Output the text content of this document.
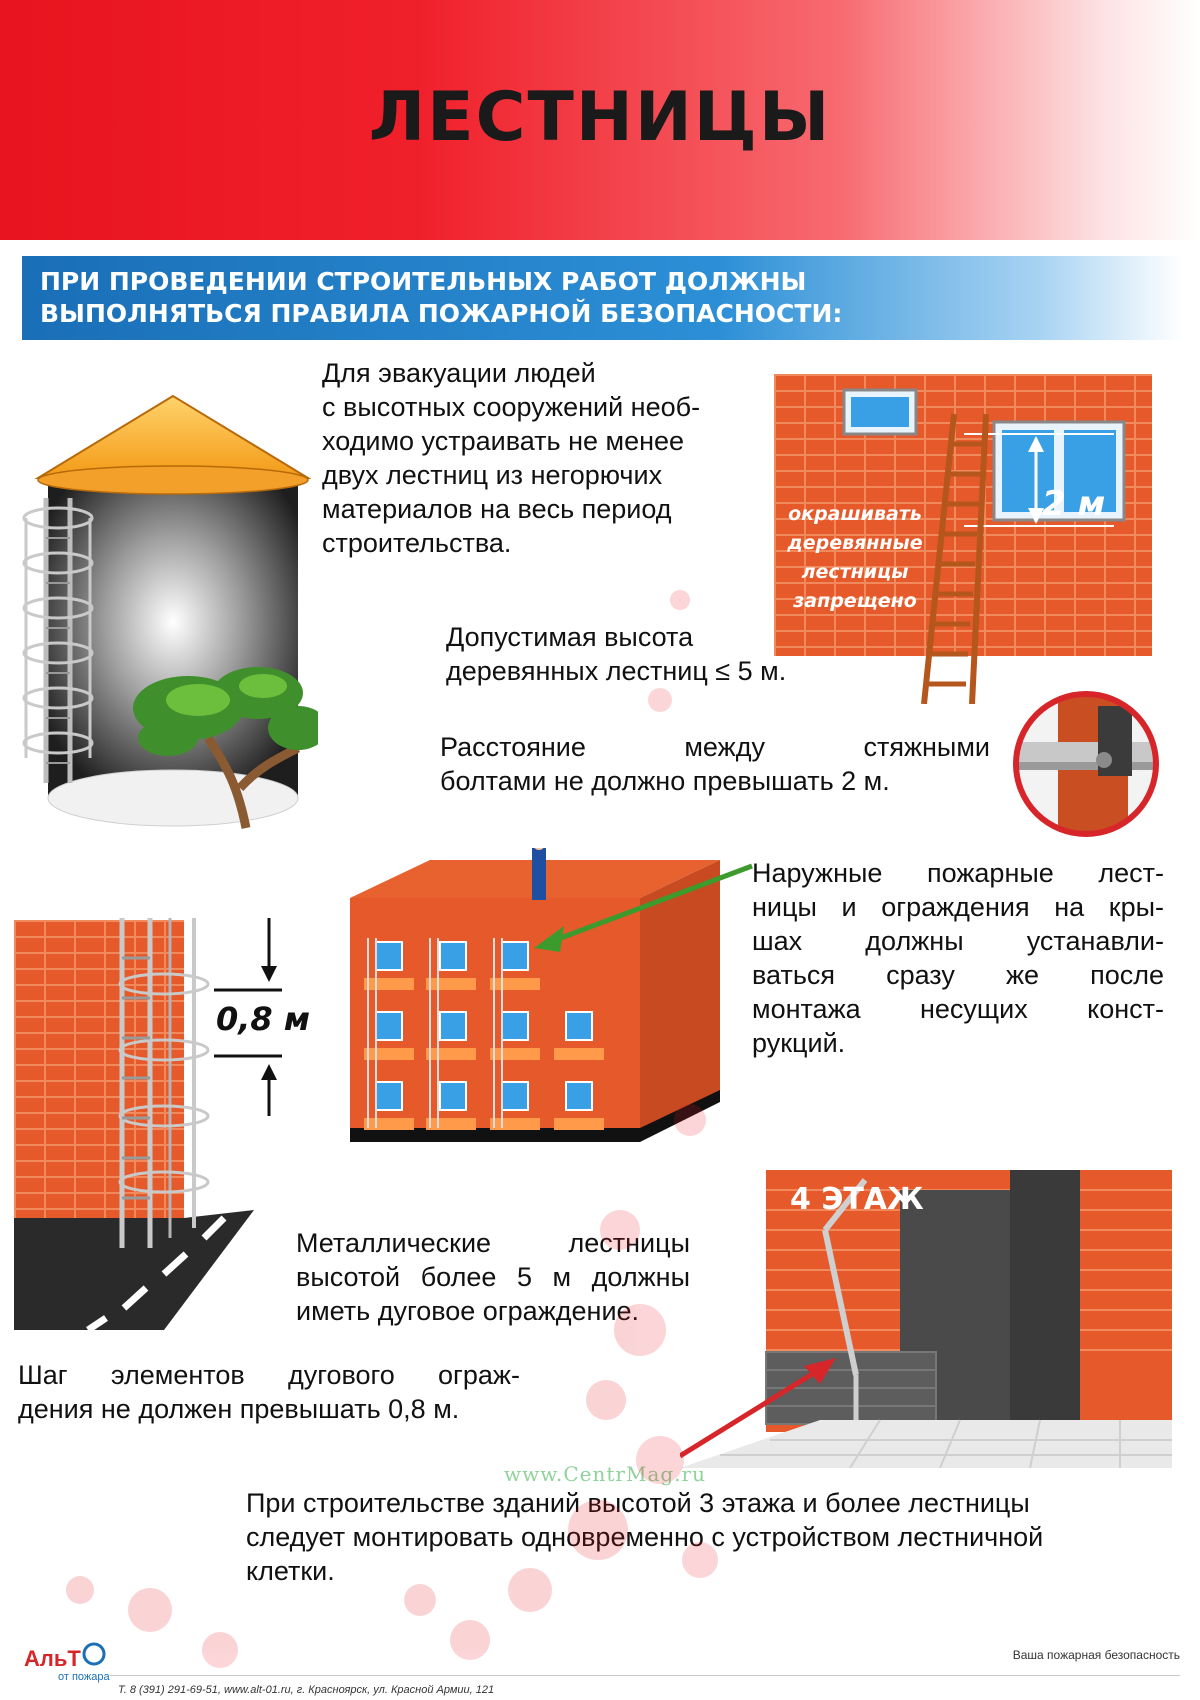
ЛЕСТНИЦЫ
ПРИ ПРОВЕДЕНИИ СТРОИТЕЛЬНЫХ РАБОТ ДОЛЖНЫ
ВЫПОЛНЯТЬСЯ ПРАВИЛА ПОЖАРНОЙ БЕЗОПАСНОСТИ:
Для эвакуации людей
с высотных сооружений необ-
ходимо устраивать не менее
двух лестниц из негорючих
материалов на весь период
строительства.
окрашивать
деревянные
лестницы
запрещено
2 м
Допустимая высота
деревянных лестниц ≤ 5 м.
Расстояние между стяжными
болтами не должно превышать 2 м.
Наружные пожарные лест-
ницы и ограждения на кры-
шах должны устанавли-
ваться сразу же после
монтажа несущих конст-
рукций.
0,8 м
4 ЭТАЖ
Металлические лестницы
высотой более 5 м должны
иметь дуговое ограждение.
Шаг элементов дугового ограж-
дения не должен превышать 0,8 м.
www.CentrMag.ru
При строительстве зданий высотой 3 этажа и более лестницы
следует монтировать одновременно с устройством лестничной
клетки.
АльТ
от пожара
Т. 8 (391) 291-69-51, www.alt-01.ru, г. Красноярск, ул. Красной Армии, 121
Ваша пожарная безопасность
